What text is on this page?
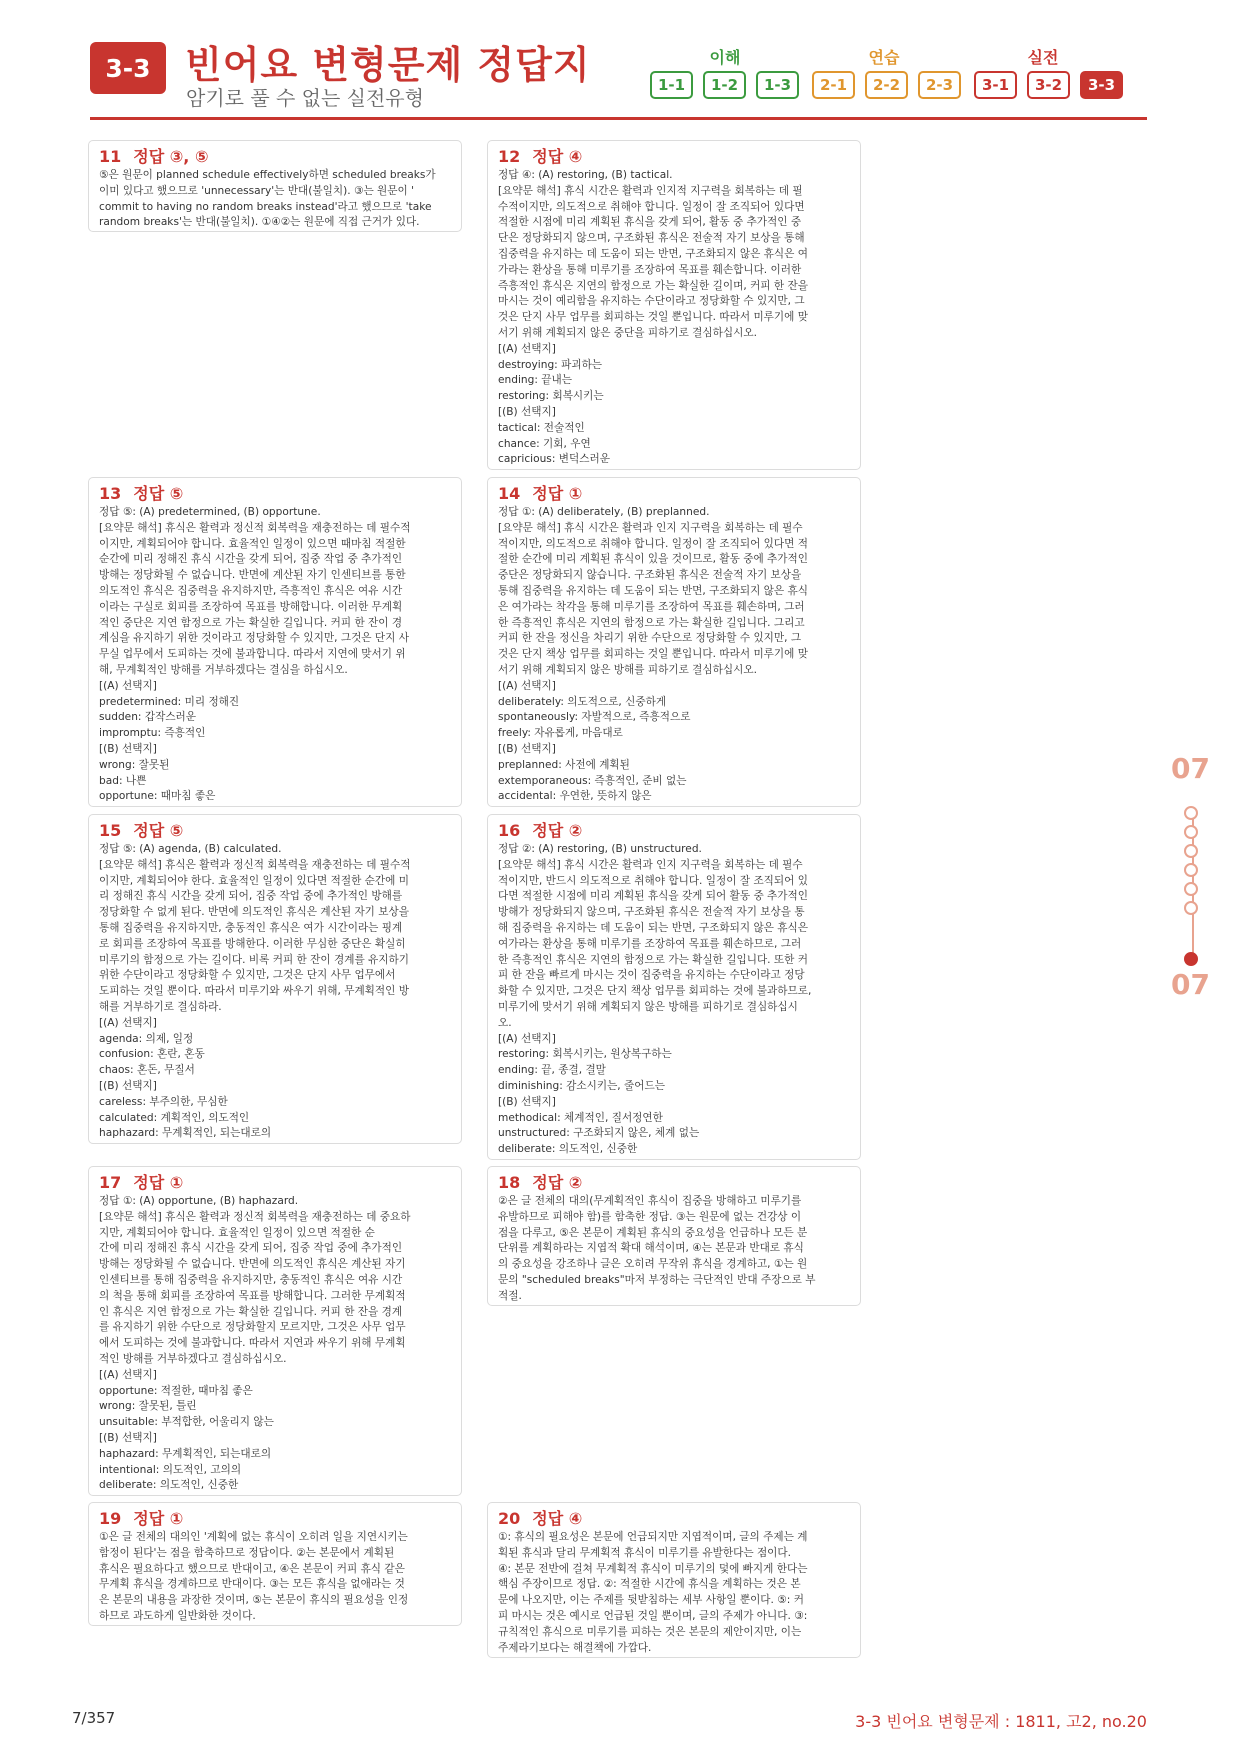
3-3 빈어요 변형문제 정답지
암기로 풀 수 없는 실전유형
이해	연습	실전
1-1	1-2	1-3	2-1	2-2	2-3	3-1	3-2	3-3
11 정답 ③, ⑤
⑤은 원문이 planned schedule effectively하면 scheduled breaks가
이미 있다고 했으므로 'unnecessary'는 반대(불일치). ③는 원문이 '
commit to having no random breaks instead'라고 했으므로 'take
random breaks'는 반대(불일치). ①④②는 원문에 직접 근거가 있다.
12 정답 ④
정답 ④: (A) restoring, (B) tactical.
[요약문 해석] 휴식 시간은 활력과 인지적 지구력을 회복하는 데 필
수적이지만, 의도적으로 취해야 합니다. 일정이 잘 조직되어 있다면
적절한 시점에 미리 계획된 휴식을 갖게 되어, 활동 중 추가적인 중
단은 정당화되지 않으며, 구조화된 휴식은 전술적 자기 보상을 통해
집중력을 유지하는 데 도움이 되는 반면, 구조화되지 않은 휴식은 여
가라는 환상을 통해 미루기를 조장하여 목표를 훼손합니다. 이러한
즉흥적인 휴식은 지연의 함정으로 가는 확실한 길이며, 커피 한 잔을
마시는 것이 예리함을 유지하는 수단이라고 정당화할 수 있지만, 그
것은 단지 사무 업무를 회피하는 것일 뿐입니다. 따라서 미루기에 맞
서기 위해 계획되지 않은 중단을 피하기로 결심하십시오.
[(A) 선택지]
destroying: 파괴하는
ending: 끝내는
restoring: 회복시키는
[(B) 선택지]
tactical: 전술적인
chance: 기회, 우연
capricious: 변덕스러운
13 정답 ⑤
정답 ⑤: (A) predetermined, (B) opportune.
[요약문 해석] 휴식은 활력과 정신적 회복력을 재충전하는 데 필수적
이지만, 계획되어야 합니다. 효율적인 일정이 있으면 때마침 적절한
순간에 미리 정해진 휴식 시간을 갖게 되어, 집중 작업 중 추가적인
방해는 정당화될 수 없습니다. 반면에 계산된 자기 인센티브를 통한
의도적인 휴식은 집중력을 유지하지만, 즉흥적인 휴식은 여유 시간
이라는 구실로 회피를 조장하여 목표를 방해합니다. 이러한 무계획
적인 중단은 지연 함정으로 가는 확실한 길입니다. 커피 한 잔이 경
계심을 유지하기 위한 것이라고 정당화할 수 있지만, 그것은 단지 사
무실 업무에서 도피하는 것에 불과합니다. 따라서 지연에 맞서기 위
해, 무계획적인 방해를 거부하겠다는 결심을 하십시오.
[(A) 선택지]
predetermined: 미리 정해진
sudden: 갑작스러운
impromptu: 즉흥적인
[(B) 선택지]
wrong: 잘못된
bad: 나쁜
opportune: 때마침 좋은
14 정답 ①
정답 ①: (A) deliberately, (B) preplanned.
[요약문 해석] 휴식 시간은 활력과 인지 지구력을 회복하는 데 필수
적이지만, 의도적으로 취해야 합니다. 일정이 잘 조직되어 있다면 적
절한 순간에 미리 계획된 휴식이 있을 것이므로, 활동 중에 추가적인
중단은 정당화되지 않습니다. 구조화된 휴식은 전술적 자기 보상을
통해 집중력을 유지하는 데 도움이 되는 반면, 구조화되지 않은 휴식
은 여가라는 착각을 통해 미루기를 조장하여 목표를 훼손하며, 그러
한 즉흥적인 휴식은 지연의 함정으로 가는 확실한 길입니다. 그리고
커피 한 잔을 정신을 차리기 위한 수단으로 정당화할 수 있지만, 그
것은 단지 책상 업무를 회피하는 것일 뿐입니다. 따라서 미루기에 맞
서기 위해 계획되지 않은 방해를 피하기로 결심하십시오.
[(A) 선택지]
deliberately: 의도적으로, 신중하게
spontaneously: 자발적으로, 즉흥적으로
freely: 자유롭게, 마음대로
[(B) 선택지]
preplanned: 사전에 계획된
extemporaneous: 즉흥적인, 준비 없는
accidental: 우연한, 뜻하지 않은
15 정답 ⑤
정답 ⑤: (A) agenda, (B) calculated.
[요약문 해석] 휴식은 활력과 정신적 회복력을 재충전하는 데 필수적
이지만, 계획되어야 한다. 효율적인 일정이 있다면 적절한 순간에 미
리 정해진 휴식 시간을 갖게 되어, 집중 작업 중에 추가적인 방해를
정당화할 수 없게 된다. 반면에 의도적인 휴식은 계산된 자기 보상을
통해 집중력을 유지하지만, 충동적인 휴식은 여가 시간이라는 핑계
로 회피를 조장하여 목표를 방해한다. 이러한 무심한 중단은 확실히
미루기의 함정으로 가는 길이다. 비록 커피 한 잔이 경계를 유지하기
위한 수단이라고 정당화할 수 있지만, 그것은 단지 사무 업무에서
도피하는 것일 뿐이다. 따라서 미루기와 싸우기 위해, 무계획적인 방
해를 거부하기로 결심하라.
[(A) 선택지]
agenda: 의제, 일정
confusion: 혼란, 혼동
chaos: 혼돈, 무질서
[(B) 선택지]
careless: 부주의한, 무심한
calculated: 계획적인, 의도적인
haphazard: 무계획적인, 되는대로의
16 정답 ②
정답 ②: (A) restoring, (B) unstructured.
[요약문 해석] 휴식 시간은 활력과 인지 지구력을 회복하는 데 필수
적이지만, 반드시 의도적으로 취해야 합니다. 일정이 잘 조직되어 있
다면 적절한 시점에 미리 계획된 휴식을 갖게 되어 활동 중 추가적인
방해가 정당화되지 않으며, 구조화된 휴식은 전술적 자기 보상을 통
해 집중력을 유지하는 데 도움이 되는 반면, 구조화되지 않은 휴식은
여가라는 환상을 통해 미루기를 조장하여 목표를 훼손하므로, 그러
한 즉흥적인 휴식은 지연의 함정으로 가는 확실한 길입니다. 또한 커
피 한 잔을 빠르게 마시는 것이 집중력을 유지하는 수단이라고 정당
화할 수 있지만, 그것은 단지 책상 업무를 회피하는 것에 불과하므로,
미루기에 맞서기 위해 계획되지 않은 방해를 피하기로 결심하십시
오.
[(A) 선택지]
restoring: 회복시키는, 원상복구하는
ending: 끝, 종결, 결말
diminishing: 감소시키는, 줄어드는
[(B) 선택지]
methodical: 체계적인, 질서정연한
unstructured: 구조화되지 않은, 체계 없는
deliberate: 의도적인, 신중한
17 정답 ①
정답 ①: (A) opportune, (B) haphazard.
[요약문 해석] 휴식은 활력과 정신적 회복력을 재충전하는 데 중요하
지만, 계획되어야 합니다. 효율적인 일정이 있으면 적절한 순
간에 미리 정해진 휴식 시간을 갖게 되어, 집중 작업 중에 추가적인
방해는 정당화될 수 없습니다. 반면에 의도적인 휴식은 계산된 자기
인센티브를 통해 집중력을 유지하지만, 충동적인 휴식은 여유 시간
의 척을 통해 회피를 조장하여 목표를 방해합니다. 그러한 무계획적
인 휴식은 지연 함정으로 가는 확실한 길입니다. 커피 한 잔을 경계
를 유지하기 위한 수단으로 정당화할지 모르지만, 그것은 사무 업무
에서 도피하는 것에 불과합니다. 따라서 지연과 싸우기 위해 무계획
적인 방해를 거부하겠다고 결심하십시오.
[(A) 선택지]
opportune: 적절한, 때마침 좋은
wrong: 잘못된, 틀린
unsuitable: 부적합한, 어울리지 않는
[(B) 선택지]
haphazard: 무계획적인, 되는대로의
intentional: 의도적인, 고의의
deliberate: 의도적인, 신중한
18 정답 ②
②은 글 전체의 대의(무계획적인 휴식이 집중을 방해하고 미루기를
유발하므로 피해야 함)를 함축한 정답. ③는 원문에 없는 건강상 이
점을 다루고, ⑤은 본문이 계획된 휴식의 중요성을 언급하나 모든 분
단위를 계획하라는 지엽적 확대 해석이며, ④는 본문과 반대로 휴식
의 중요성을 강조하나 글은 오히려 무작위 휴식을 경계하고, ①는 원
문의 "scheduled breaks"마저 부정하는 극단적인 반대 주장으로 부
적절.
19 정답 ①
①은 글 전체의 대의인 '계획에 없는 휴식이 오히려 일을 지연시키는
함정이 된다'는 점을 함축하므로 정답이다. ②는 본문에서 계획된
휴식은 필요하다고 했으므로 반대이고, ④은 본문이 커피 휴식 같은
무계획 휴식을 경계하므로 반대이다. ③는 모든 휴식을 없애라는 것
은 본문의 내용을 과장한 것이며, ⑤는 본문이 휴식의 필요성을 인정
하므로 과도하게 일반화한 것이다.
20 정답 ④
①: 휴식의 필요성은 본문에 언급되지만 지엽적이며, 글의 주제는 계
획된 휴식과 달리 무계획적 휴식이 미루기를 유발한다는 점이다.
④: 본문 전반에 걸쳐 무계획적 휴식이 미루기의 덫에 빠지게 한다는
핵심 주장이므로 정답. ②: 적절한 시간에 휴식을 계획하는 것은 본
문에 나오지만, 이는 주제를 뒷받침하는 세부 사항일 뿐이다. ⑤: 커
피 마시는 것은 예시로 언급된 것일 뿐이며, 글의 주제가 아니다. ③:
규칙적인 휴식으로 미루기를 피하는 것은 본문의 제안이지만, 이는
주제라기보다는 해결책에 가깝다.
07
07
7/357	3-3 빈어요 변형문제 : 1811, 고2, no.20
